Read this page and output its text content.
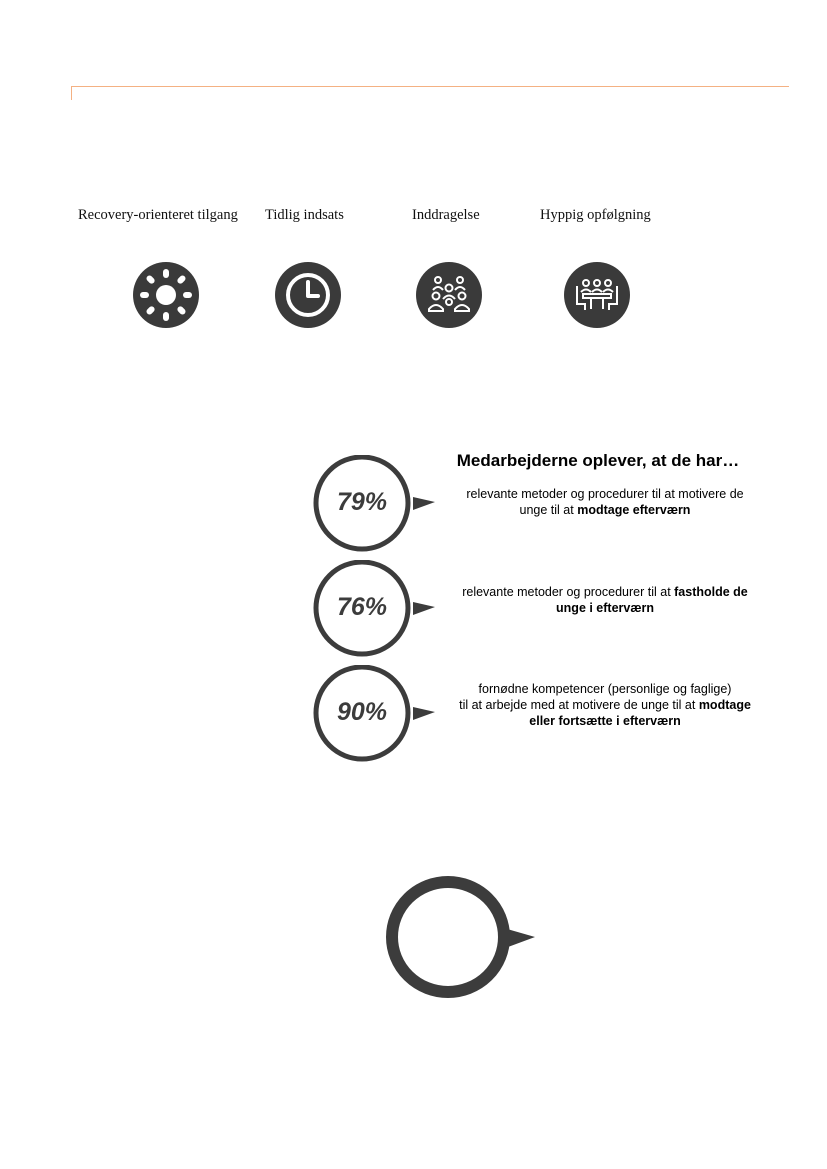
Recovery-orienteret tilgang Tidlig indsats	Inddragelse	Hyppig opfølgning
Medarbejderne oplever, at de har…
79%	relevante metoder og procedurer til at motivere de
unge til at modtage efterværn
76%
relevante metoder og procedurer til at fastholde de
unge i efterværn
90%
fornødne kompetencer (personlige og faglige)
til at arbejde med at motivere de unge til at modtage
eller fortsætte i efterværn
